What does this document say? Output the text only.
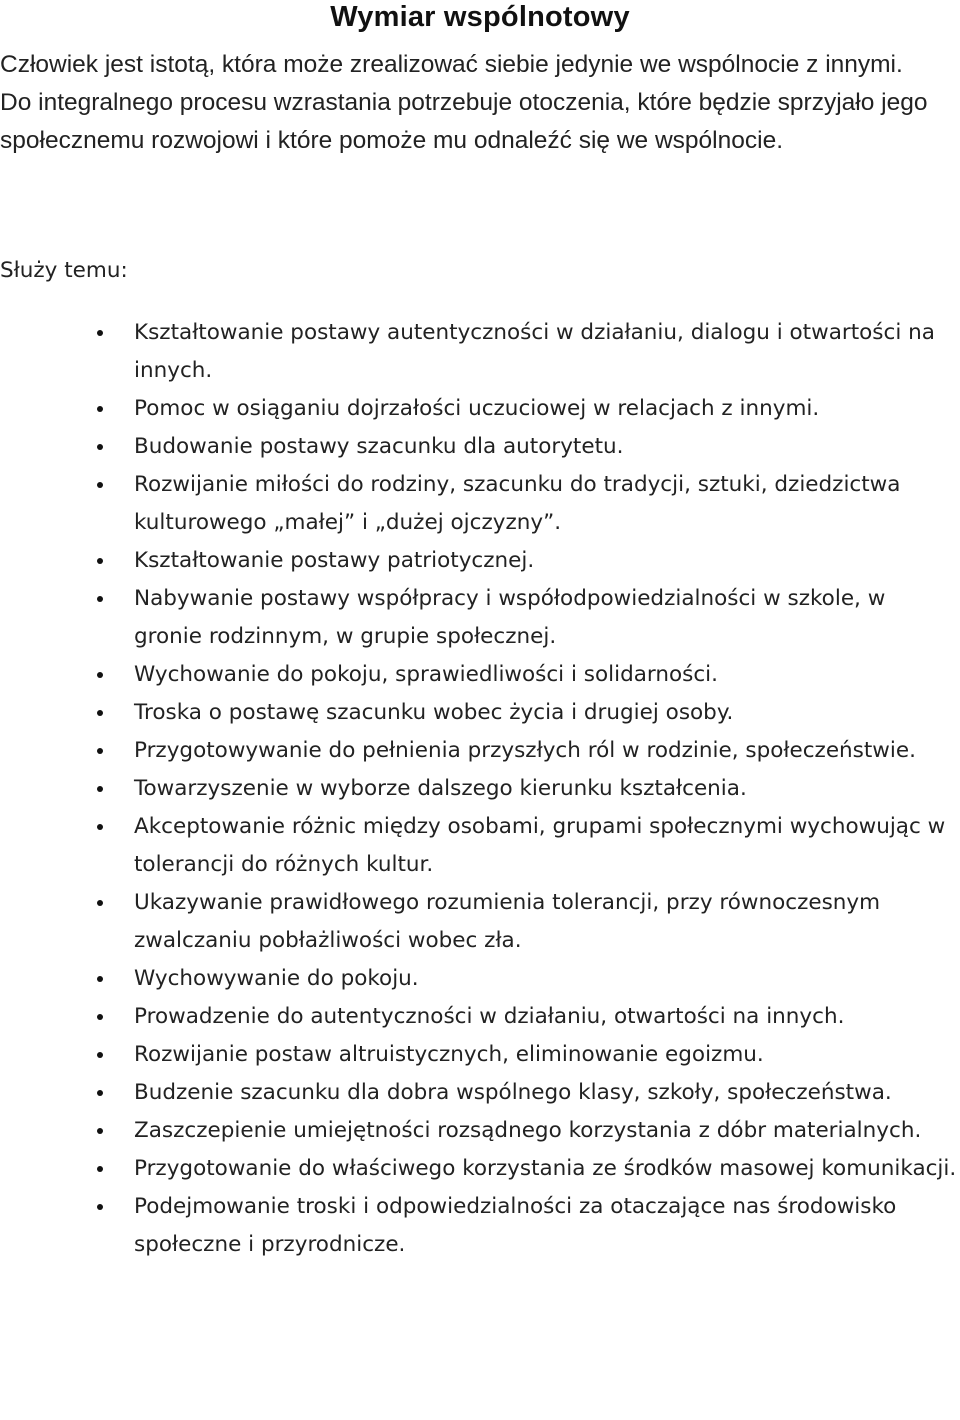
Wymiar wspólnotowy

Człowiek jest istotą, która może zrealizować siebie jedynie we wspólnocie z innymi. Do integralnego procesu wzrastania potrzebuje otoczenia, które będzie sprzyjało jego społecznemu rozwojowi i które pomoże mu odnaleźć się we wspólnocie.

Służy temu:

Kształtowanie postawy autentyczności w działaniu, dialogu i otwartości na innych.
Pomoc w osiąganiu dojrzałości uczuciowej w relacjach z innymi.
Budowanie postawy szacunku dla autorytetu.
Rozwijanie miłości do rodziny, szacunku do tradycji, sztuki, dziedzictwa kulturowego „małej” i „dużej ojczyzny”.
Kształtowanie postawy patriotycznej.
Nabywanie postawy współpracy i współodpowiedzialności w szkole, w gronie rodzinnym, w grupie społecznej.
Wychowanie do pokoju, sprawiedliwości i solidarności.
Troska o postawę szacunku wobec życia i drugiej osoby.
Przygotowywanie do pełnienia przyszłych ról w rodzinie, społeczeństwie.
Towarzyszenie w wyborze dalszego kierunku kształcenia.
Akceptowanie różnic między osobami, grupami społecznymi wychowując w tolerancji do różnych kultur.
Ukazywanie prawidłowego rozumienia tolerancji, przy równoczesnym zwalczaniu pobłażliwości wobec zła.
Wychowywanie do pokoju.
Prowadzenie do autentyczności w działaniu, otwartości na innych.
Rozwijanie postaw altruistycznych, eliminowanie egoizmu.
Budzenie szacunku dla dobra wspólnego klasy, szkoły, społeczeństwa.
Zaszczepienie umiejętności rozsądnego korzystania z dóbr materialnych.
Przygotowanie do właściwego korzystania ze środków masowej komunikacji.
Podejmowanie troski i odpowiedzialności za otaczające nas środowisko społeczne i przyrodnicze.
